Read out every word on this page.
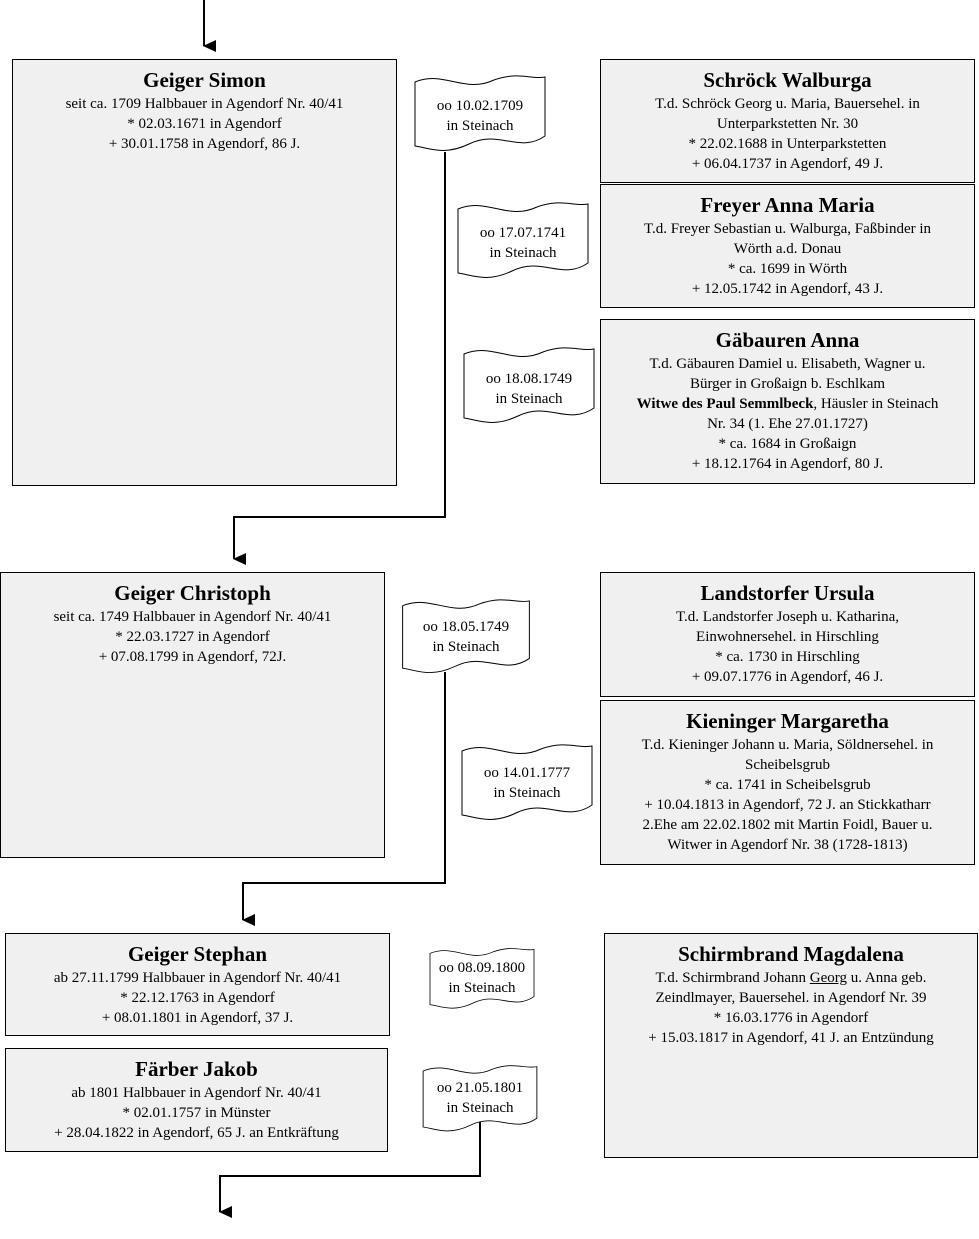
Geiger Simon
seit ca. 1709 Halbbauer in Agendorf Nr. 40/41
* 02.03.1671 in Agendorf
+ 30.01.1758 in Agendorf, 86 J.
Schröck Walburga
T.d. Schröck Georg u. Maria, Bauersehel. in
Unterparkstetten Nr. 30
* 22.02.1688 in Unterparkstetten
+ 06.04.1737 in Agendorf, 49 J.
Freyer Anna Maria
T.d. Freyer Sebastian u. Walburga, Faßbinder in
Wörth a.d. Donau
* ca. 1699 in Wörth
+ 12.05.1742 in Agendorf, 43 J.
Gäbauren Anna
T.d. Gäbauren Damiel u. Elisabeth, Wagner u.
Bürger in Großaign b. Eschlkam
Witwe des Paul Semmlbeck, Häusler in Steinach
Nr. 34 (1. Ehe 27.01.1727)
* ca. 1684 in Großaign
+ 18.12.1764 in Agendorf, 80 J.
Geiger Christoph
seit ca. 1749 Halbbauer in Agendorf Nr. 40/41
* 22.03.1727 in Agendorf
+ 07.08.1799 in Agendorf, 72J.
Landstorfer Ursula
T.d. Landstorfer Joseph u. Katharina,
Einwohnersehel. in Hirschling
* ca. 1730 in Hirschling
+ 09.07.1776 in Agendorf, 46 J.
Kieninger Margaretha
T.d. Kieninger Johann u. Maria, Söldnersehel. in
Scheibelsgrub
* ca. 1741 in Scheibelsgrub
+ 10.04.1813 in Agendorf, 72 J. an Stickkatharr
2.Ehe am 22.02.1802 mit Martin Foidl, Bauer u.
Witwer in Agendorf Nr. 38 (1728-1813)
Geiger Stephan
ab 27.11.1799 Halbbauer in Agendorf Nr. 40/41
* 22.12.1763 in Agendorf
+ 08.01.1801 in Agendorf, 37 J.
Färber Jakob
ab 1801 Halbbauer in Agendorf Nr. 40/41
* 02.01.1757 in Münster
+ 28.04.1822 in Agendorf, 65 J. an Entkräftung
Schirmbrand Magdalena
T.d. Schirmbrand Johann Georg u. Anna geb.
Zeindlmayer, Bauersehel. in Agendorf Nr. 39
* 16.03.1776 in Agendorf
+ 15.03.1817 in Agendorf, 41 J. an Entzündung
oo 10.02.1709
in Steinach
oo 17.07.1741
in Steinach
oo 18.08.1749
in Steinach
oo 18.05.1749
in Steinach
oo 14.01.1777
in Steinach
oo 08.09.1800
in Steinach
oo 21.05.1801
in Steinach
